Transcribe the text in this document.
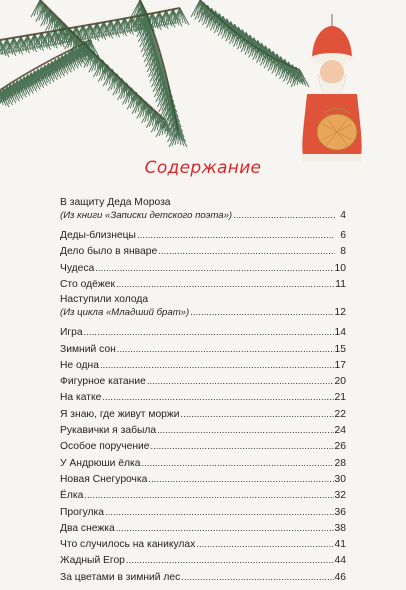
Содержание
В защиту Деда Мороза
(Из книги «Записки детского поэта») .....	4
Деды-близнецы .....	6
Дело было в январе .....	8
Чудеса .....	10
Сто одёжек .....	11
Наступили холода
(Из цикла «Младший брат») .....	12
Игра .....	14
Зимний сон .....	15
Не одна .....	17
Фигурное катание .....	20
На катке .....	21
Я знаю, где живут моржи .....	22
Рукавички я забыла .....	24
Особое поручение .....	26
У Андрюши ёлка .....	28
Новая Снегурочка .....	30
Ёлка .....	32
Прогулка .....	36
Два снежка .....	38
Что случилось на каникулах .....	41
Жадный Егор .....	44
За цветами в зимний лес .....	46
